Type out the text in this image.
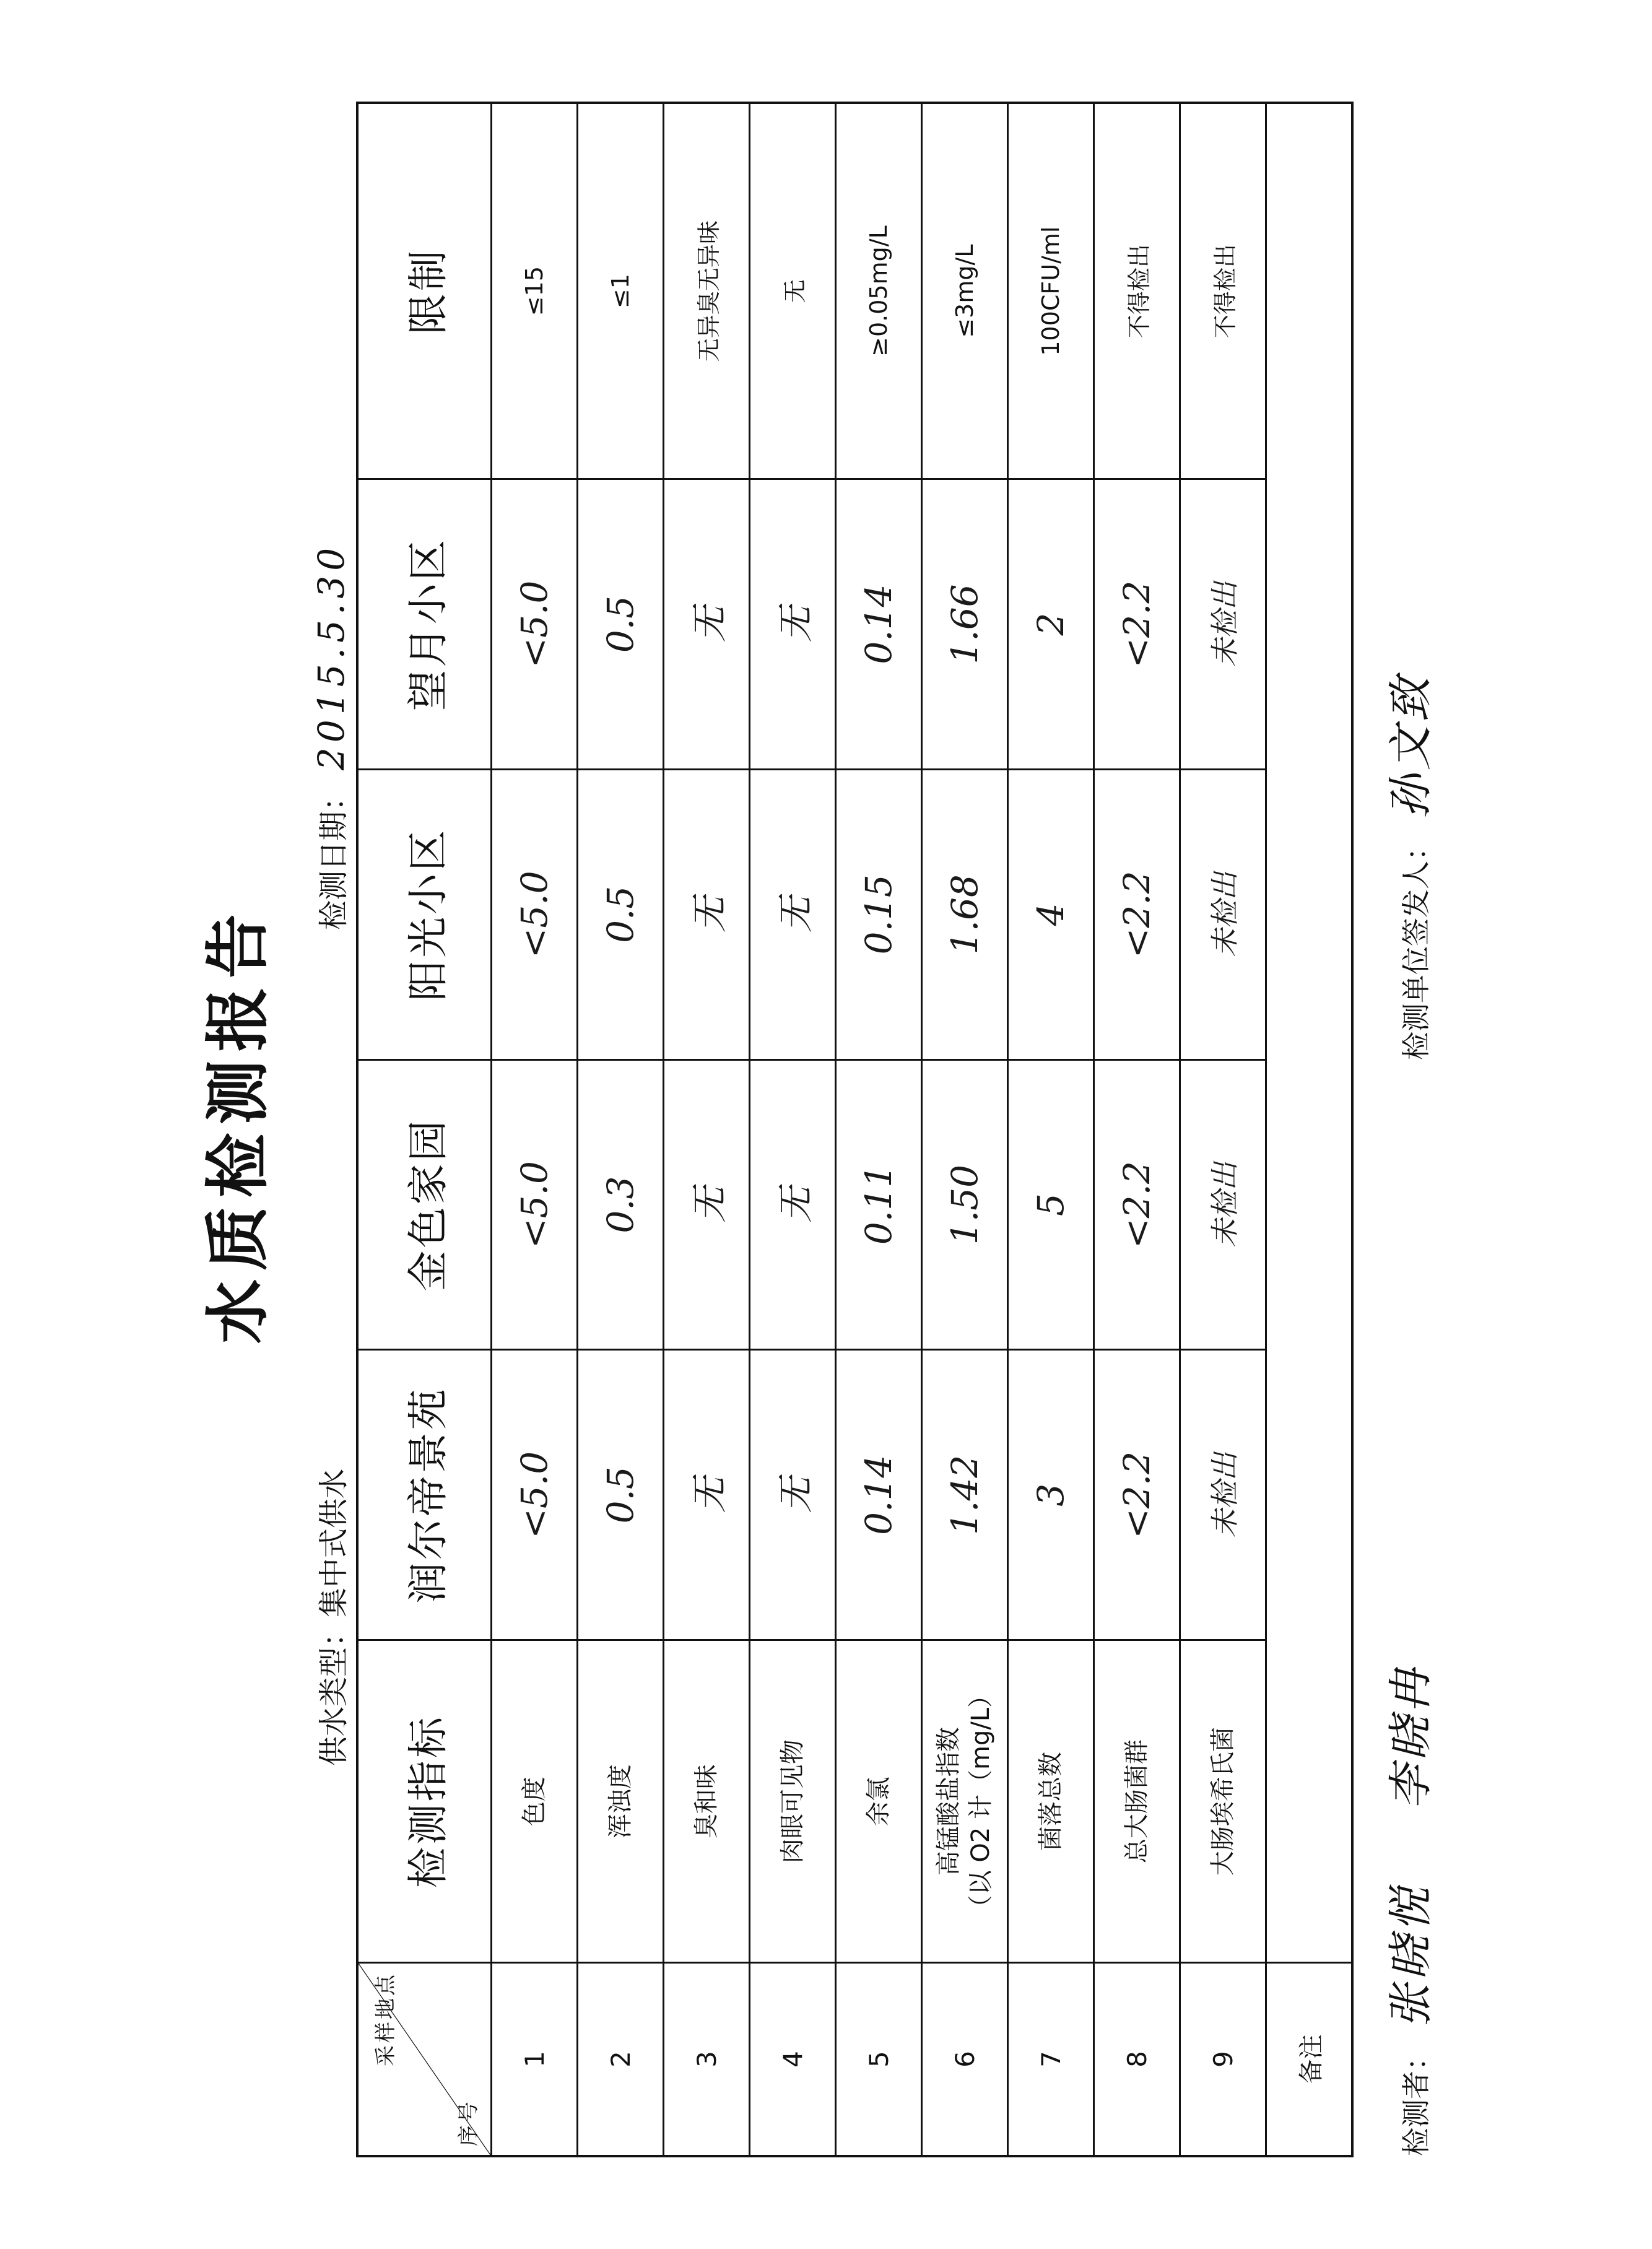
水质检测报告
供水类型：集中式供水
检测日期：2015.5.30
采样地点
序号	检测指标	润尔帝景苑	金色家园	阳光小区	望月小区	限制
1	色度	<5.0	<5.0	<5.0	<5.0	≤15
2	浑浊度	0.5	0.3	0.5	0.5	≤1
3	臭和味	无	无	无	无	无异臭无异味
4	肉眼可见物	无	无	无	无	无
5	余氯	0.14	0.11	0.15	0.14	≥0.05mg/L
6	高锰酸盐指数 （以 O2 计（mg/L）	1.42	1.50	1.68	1.66	≤3mg/L
7	菌落总数	3	5	4	2	100CFU/ml
8	总大肠菌群	<2.2	<2.2	<2.2	<2.2	不得检出
9	大肠埃希氏菌	未检出	未检出	未检出	未检出	不得检出
备注							检测者：张晓悦李晓冉
检测单位签发人：孙文致
